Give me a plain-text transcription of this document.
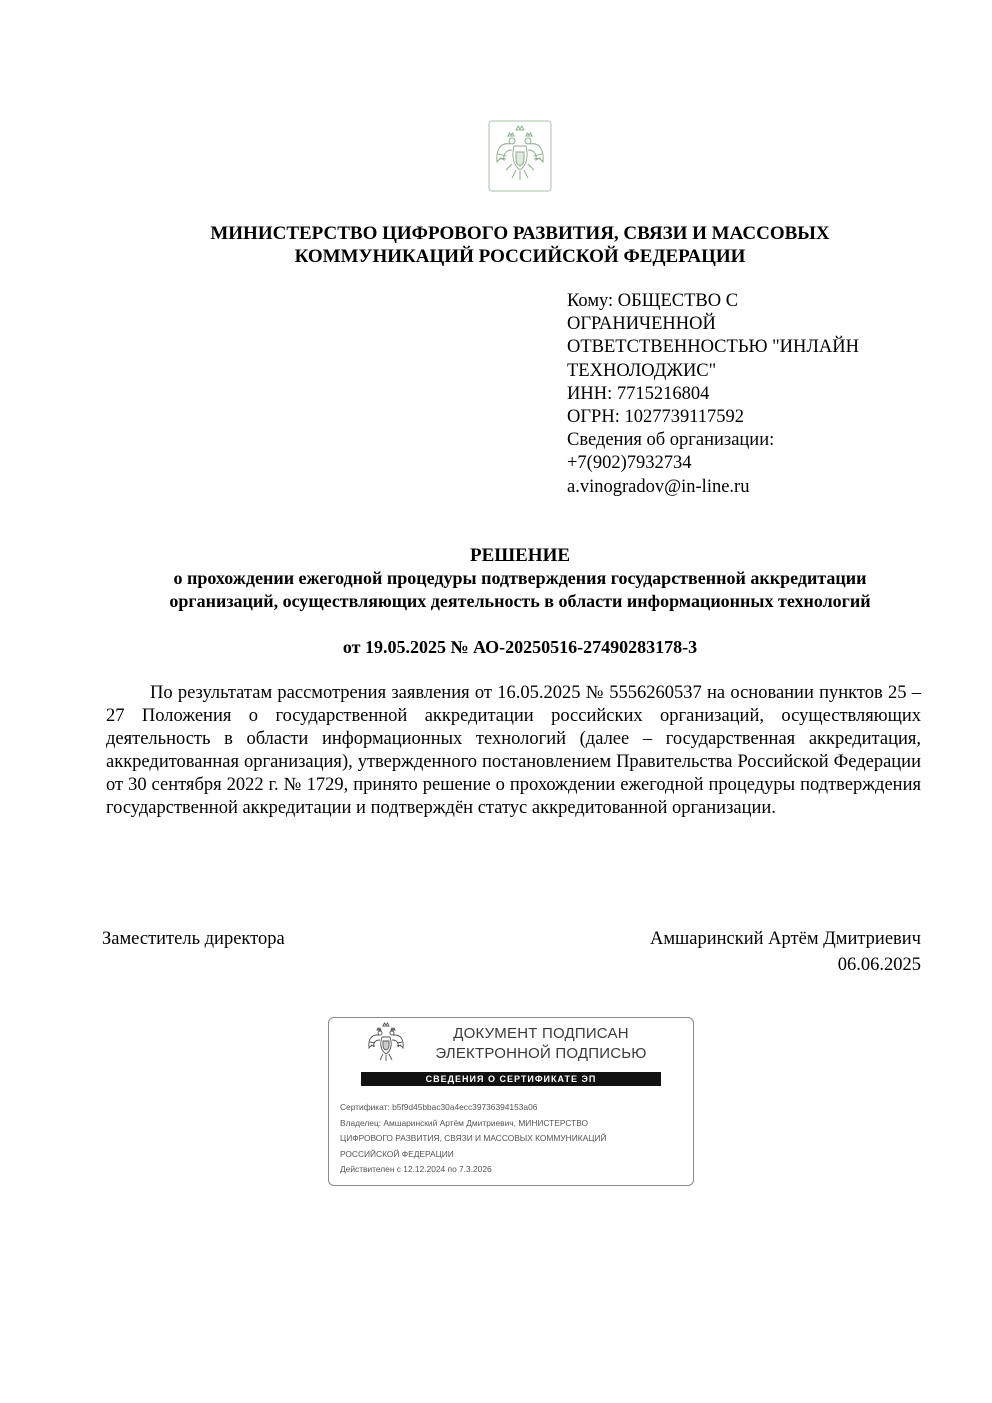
МИНИСТЕРСТВО ЦИФРОВОГО РАЗВИТИЯ, СВЯЗИ И МАССОВЫХ
КОММУНИКАЦИЙ РОССИЙСКОЙ ФЕДЕРАЦИИ
Кому: ОБЩЕСТВО С
ОГРАНИЧЕННОЙ
ОТВЕТСТВЕННОСТЬЮ "ИНЛАЙН
ТЕХНОЛОДЖИС"
ИНН: 7715216804
ОГРН: 1027739117592
Сведения об организации:
+7(902)7932734
a.vinogradov@in-line.ru
РЕШЕНИЕ
о прохождении ежегодной процедуры подтверждения государственной аккредитации
организаций, осуществляющих деятельность в области информационных технологий
от 19.05.2025 № АО-20250516-27490283178-3
По результатам рассмотрения заявления от 16.05.2025 № 5556260537 на основании пунктов 25 – 27 Положения о государственной аккредитации российских организаций, осуществляющих деятельность в области информационных технологий (далее – государственная аккредитация, аккредитованная организация), утвержденного постановлением Правительства Российской Федерации от 30 сентября 2022 г. № 1729, принято решение о прохождении ежегодной процедуры подтверждения государственной аккредитации и подтверждён статус аккредитованной организации.
Заместитель директора	Амшаринский Артём Дмитриевич
06.06.2025
ДОКУМЕНТ ПОДПИСАН
ЭЛЕКТРОННОЙ ПОДПИСЬЮ
СВЕДЕНИЯ О СЕРТИФИКАТЕ ЭП
Сертификат: b5f9d45bbac30a4ecc39736394153a06
Владелец: Амшаринский Артём Дмитриевич, МИНИСТЕРСТВО
ЦИФРОВОГО РАЗВИТИЯ, СВЯЗИ И МАССОВЫХ КОММУНИКАЦИЙ
РОССИЙСКОЙ ФЕДЕРАЦИИ
Действителен с 12.12.2024 по 7.3.2026
